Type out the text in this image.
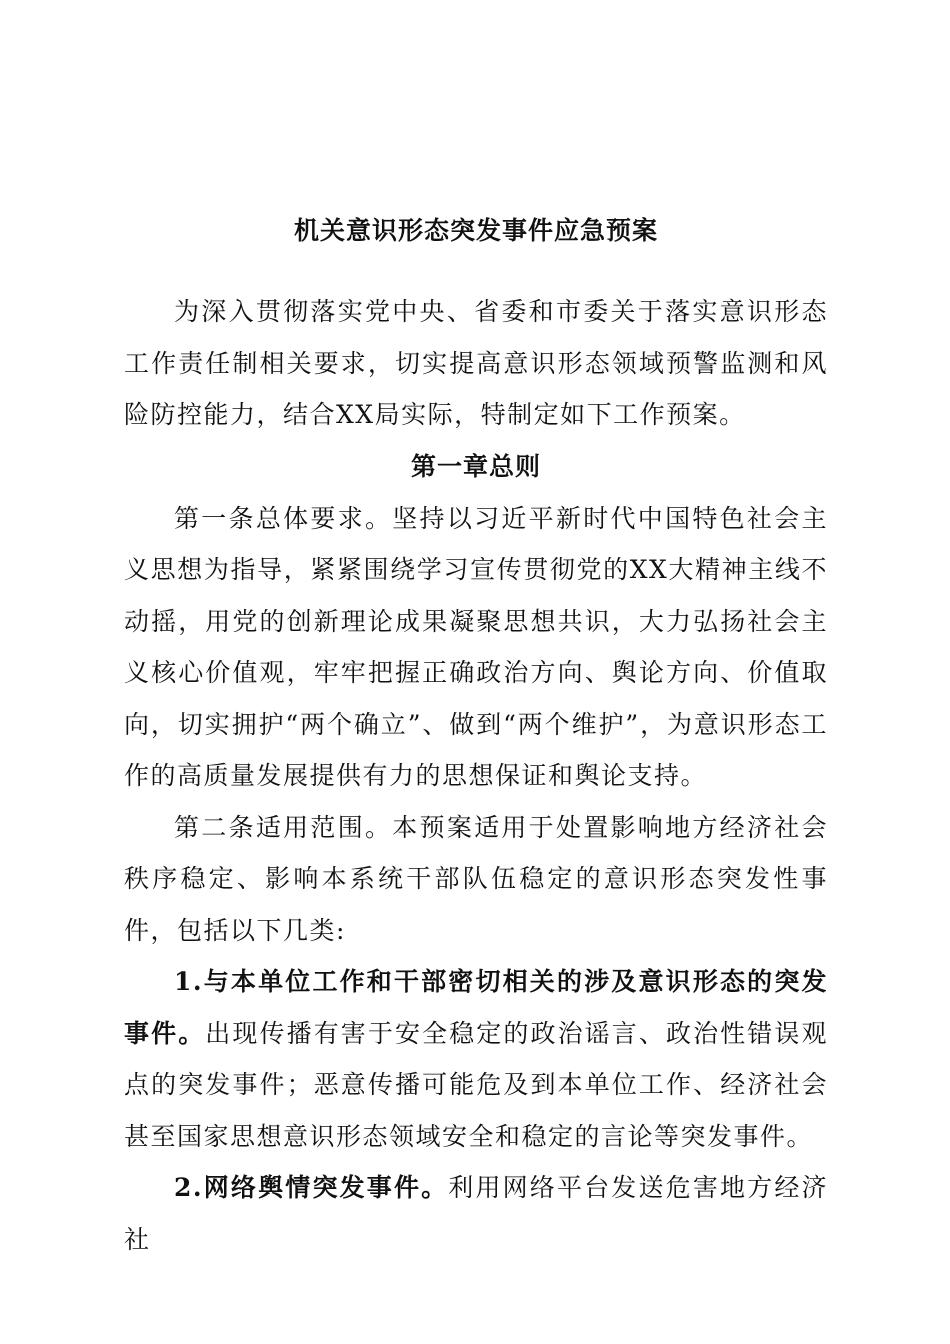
机关意识形态突发事件应急预案

为深入贯彻落实党中央、省委和市委关于落实意识形态工作责任制相关要求，切实提高意识形态领域预警监测和风险防控能力，结合XX局实际，特制定如下工作预案。

第一章总则

第一条总体要求。坚持以习近平新时代中国特色社会主义思想为指导，紧紧围绕学习宣传贯彻党的XX大精神主线不动摇，用党的创新理论成果凝聚思想共识，大力弘扬社会主义核心价值观，牢牢把握正确政治方向、舆论方向、价值取向，切实拥护“两个确立”、做到“两个维护”，为意识形态工作的高质量发展提供有力的思想保证和舆论支持。

第二条适用范围。本预案适用于处置影响地方经济社会秩序稳定、影响本系统干部队伍稳定的意识形态突发性事件，包括以下几类:

1.与本单位工作和干部密切相关的涉及意识形态的突发事件。出现传播有害于安全稳定的政治谣言、政治性错误观点的突发事件；恶意传播可能危及到本单位工作、经济社会甚至国家思想意识形态领域安全和稳定的言论等突发事件。

2.网络舆情突发事件。利用网络平台发送危害地方经济社
